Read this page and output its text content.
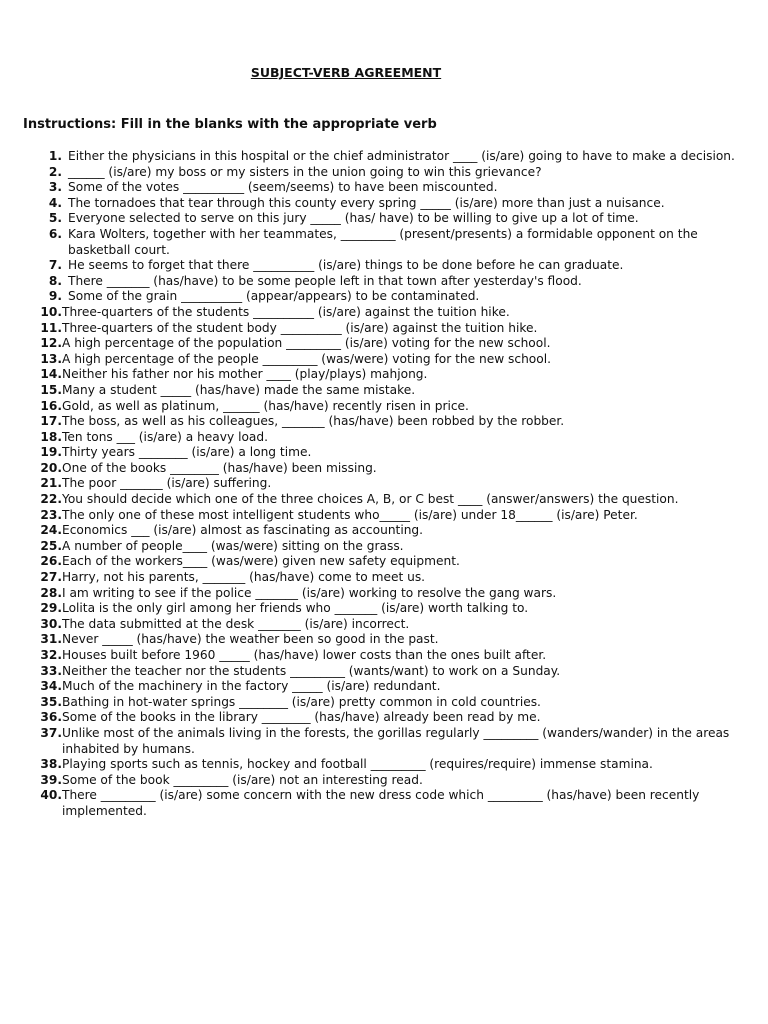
SUBJECT-VERB AGREEMENT
Instructions: Fill in the blanks with the appropriate verb
1. Either the physicians in this hospital or the chief administrator ____ (is/are) going to have to make a decision.
2. ______ (is/are) my boss or my sisters in the union going to win this grievance?
3. Some of the votes __________ (seem/seems) to have been miscounted.
4. The tornadoes that tear through this county every spring _____ (is/are) more than just a nuisance.
5. Everyone selected to serve on this jury _____ (has/ have) to be willing to give up a lot of time.
6. Kara Wolters, together with her teammates, _________ (present/presents) a formidable opponent on the basketball court.
7. He seems to forget that there __________ (is/are) things to be done before he can graduate.
8. There _______ (has/have) to be some people left in that town after yesterday's flood.
9. Some of the grain __________ (appear/appears) to be contaminated.
10. Three-quarters of the students __________ (is/are) against the tuition hike.
11. Three-quarters of the student body __________ (is/are) against the tuition hike.
12. A high percentage of the population _________ (is/are) voting for the new school.
13. A high percentage of the people _________ (was/were) voting for the new school.
14. Neither his father nor his mother ____ (play/plays) mahjong.
15. Many a student _____ (has/have) made the same mistake.
16. Gold, as well as platinum, ______ (has/have) recently risen in price.
17. The boss, as well as his colleagues, _______ (has/have) been robbed by the robber.
18. Ten tons ___ (is/are) a heavy load.
19. Thirty years ________ (is/are) a long time.
20. One of the books ________ (has/have) been missing.
21. The poor _______ (is/are) suffering.
22. You should decide which one of the three choices A, B, or C best ____ (answer/answers) the question.
23. The only one of these most intelligent students who_____ (is/are) under 18______ (is/are) Peter.
24. Economics ___ (is/are) almost as fascinating as accounting.
25. A number of people____ (was/were) sitting on the grass.
26. Each of the workers____ (was/were) given new safety equipment.
27. Harry, not his parents, _______ (has/have) come to meet us.
28. I am writing to see if the police _______ (is/are) working to resolve the gang wars.
29. Lolita is the only girl among her friends who _______ (is/are) worth talking to.
30. The data submitted at the desk _______ (is/are) incorrect.
31. Never _____ (has/have) the weather been so good in the past.
32. Houses built before 1960 _____ (has/have) lower costs than the ones built after.
33. Neither the teacher nor the students _________ (wants/want) to work on a Sunday.
34. Much of the machinery in the factory _____ (is/are) redundant.
35. Bathing in hot-water springs ________ (is/are) pretty common in cold countries.
36. Some of the books in the library ________ (has/have) already been read by me.
37. Unlike most of the animals living in the forests, the gorillas regularly _________ (wanders/wander) in the areas inhabited by humans.
38. Playing sports such as tennis, hockey and football _________ (requires/require) immense stamina.
39. Some of the book _________ (is/are) not an interesting read.
40. There _________ (is/are) some concern with the new dress code which _________ (has/have) been recently implemented.
